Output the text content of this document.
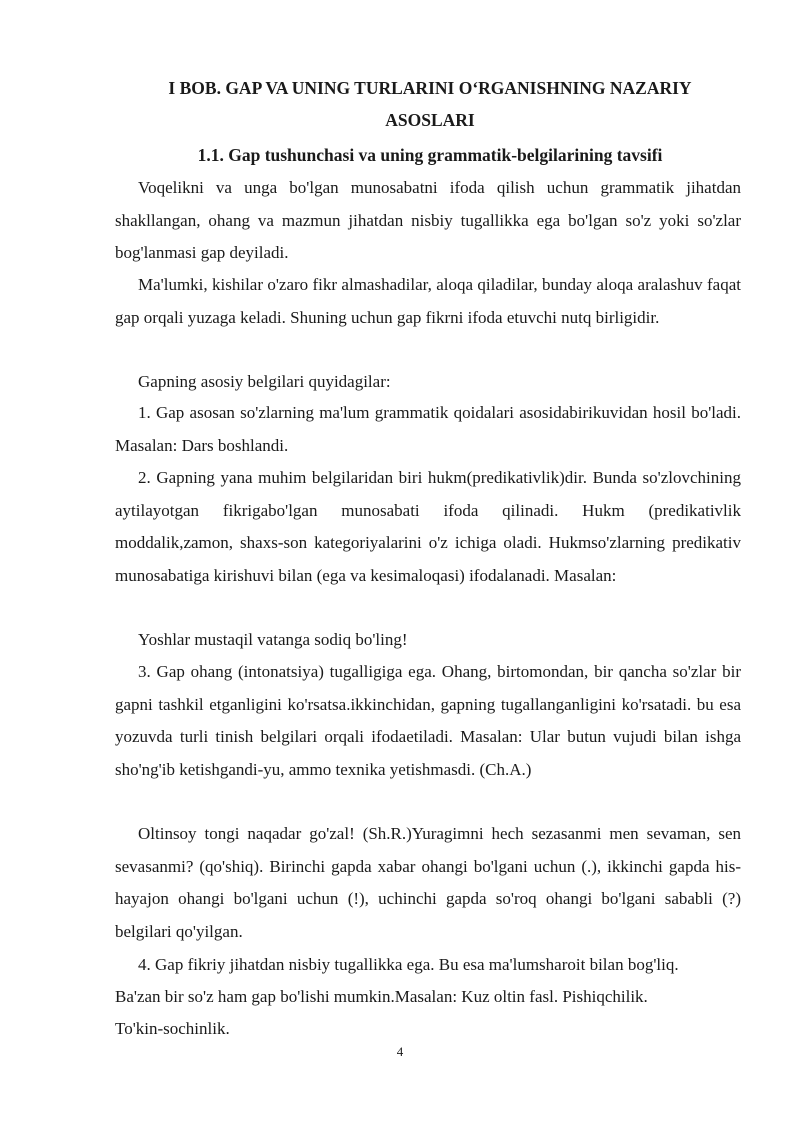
I BOB. GAP VA UNING TURLARINI O‘RGANISHNING NAZARIY
ASOSLARI
1.1. Gap tushunchasi va uning grammatik-belgilarining tavsifi

Voqelikni va unga bo'lgan munosabatni ifoda qilish uchun grammatik jihatdan shakllangan, ohang va mazmun jihatdan nisbiy tugallikka ega bo'lgan so'z yoki so'zlar bog'lanmasi gap deyiladi.

Ma'lumki, kishilar o'zaro fikr almashadilar, aloqa qiladilar, bunday aloqa aralashuv faqat gap orqali yuzaga keladi. Shuning uchun gap fikrni ifoda etuvchi nutq birligidir.

Gapning asosiy belgilari quyidagilar:

1. Gap asosan so'zlarning ma'lum grammatik qoidalari asosidabirikuvidan hosil bo'ladi. Masalan: Dars boshlandi.

2. Gapning yana muhim belgilaridan biri hukm(predikativlik)dir. Bunda so'zlovchining aytilayotgan fikrigabo'lgan munosabati ifoda qilinadi. Hukm (predikativlik moddalik,zamon, shaxs-son kategoriyalarini o'z ichiga oladi. Hukmso'zlarning predikativ munosabatiga kirishuvi bilan (ega va kesimaloqasi) ifodalanadi. Masalan:

Yoshlar mustaqil vatanga sodiq bo'ling!

3. Gap ohang (intonatsiya) tugalligiga ega. Ohang, birtomondan, bir qancha so'zlar bir gapni tashkil etganligini ko'rsatsa.ikkinchidan, gapning tugallanganligini ko'rsatadi. bu esa yozuvda turli tinish belgilari orqali ifodaetiladi. Masalan: Ular butun vujudi bilan ishga sho'ng'ib ketishgandi-yu, ammo texnika yetishmasdi. (Ch.A.)

Oltinsoy tongi naqadar go'zal! (Sh.R.)Yuragimni hech sezasanmi men sevaman, sen sevasanmi? (qo'shiq). Birinchi gapda xabar ohangi bo'lgani uchun (.), ikkinchi gapda his-hayajon ohangi bo'lgani uchun (!), uchinchi gapda so'roq ohangi bo'lgani sababli (?) belgilari qo'yilgan.

4. Gap fikriy jihatdan nisbiy tugallikka ega. Bu esa ma'lumsharoit bilan bog'liq.

Ba'zan bir so'z ham gap bo'lishi mumkin.Masalan: Kuz oltin fasl. Pishiqchilik.

To'kin-sochinlik.

4
